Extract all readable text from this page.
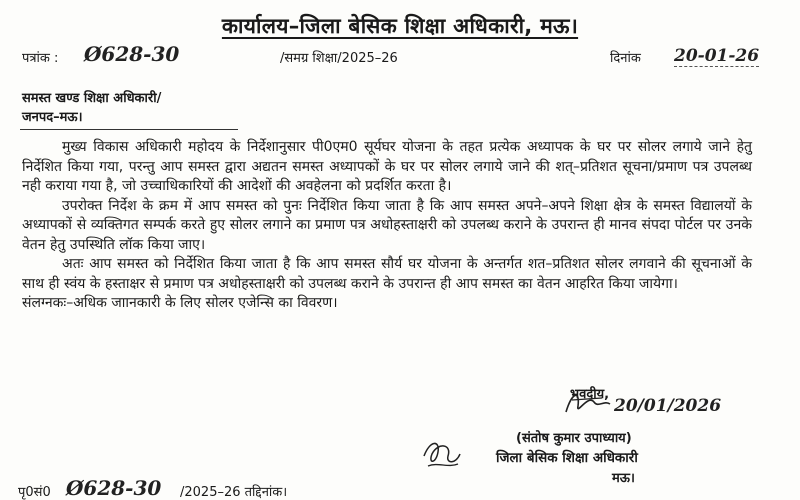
कार्यालय–जिला बेसिक शिक्षा अधिकारी, मऊ।
पत्रांक : Ø628-30	/समग्र शिक्षा/2025–26	दिनांक 20-01-26
समस्त खण्ड शिक्षा अधिकारी/
जनपद–मऊ।

मुख्य विकास अधिकारी महोदय के निर्देशानुसार पी0एम0 सूर्यघर योजना के तहत प्रत्येक अध्यापक के घर पर सोलर लगाये जाने हेतु निर्देशित किया गया, परन्तु आप समस्त द्वारा अद्यतन समस्त अध्यापकों के घर पर सोलर लगाये जाने की शत्–प्रतिशत सूचना/प्रमाण पत्र उपलब्ध नही कराया गया है, जो उच्चाधिकारियों की आदेशों की अवहेलना को प्रदर्शित करता है।

उपरोक्त निर्देश के क्रम में आप समस्त को पुनः निर्देशित किया जाता है कि आप समस्त अपने–अपने शिक्षा क्षेत्र के समस्त विद्यालयों के अध्यापकों से व्यक्तिगत सम्पर्क करते हुए सोलर लगाने का प्रमाण पत्र अधोहस्ताक्षरी को उपलब्ध कराने के उपरान्त ही मानव संपदा पोर्टल पर उनके वेतन हेतु उपस्थिति लॉक किया जाए।

अतः आप समस्त को निर्देशित किया जाता है कि आप समस्त सौर्य घर योजना के अन्तर्गत शत–प्रतिशत सोलर लगवाने की सूचनाओं के साथ ही स्वंय के हस्ताक्षर से प्रमाण पत्र अधोहस्ताक्षरी को उपलब्ध कराने के उपरान्त ही आप समस्त का वेतन आहरित किया जायेगा।

संलग्नकः–अधिक जाानकारी के लिए सोलर एजेन्सि का विवरण।

भवदीय,
20/01/2026
(संतोष कुमार उपाध्याय)
जिला बेसिक शिक्षा अधिकारी
मऊ।
पृ0सं0 Ø628-30 /2025–26 तद्दिनांक।
